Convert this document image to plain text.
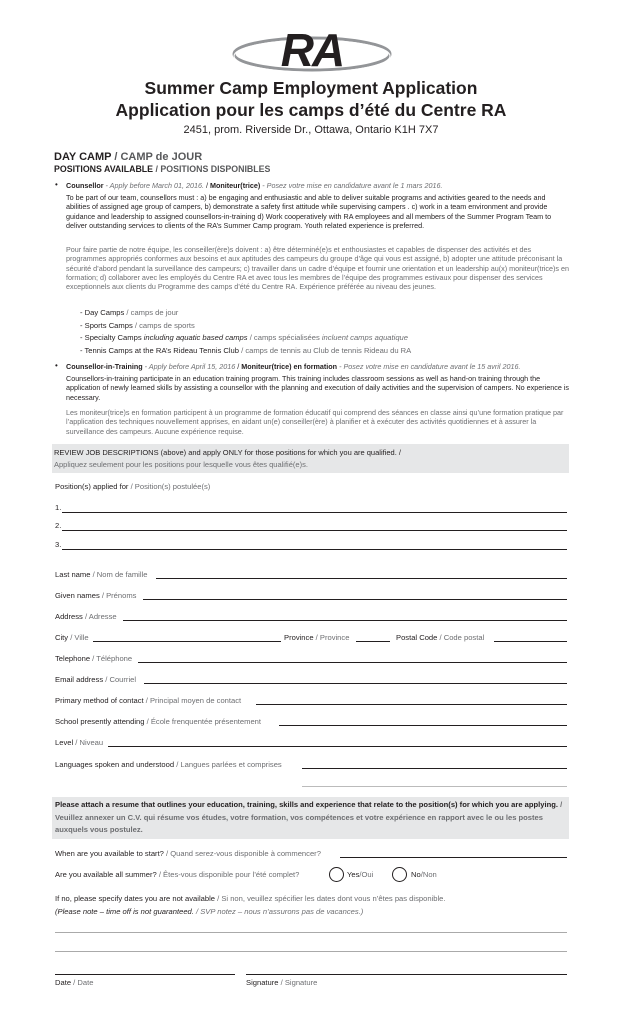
RA
Summer Camp Employment Application
Application pour les camps d’été du Centre RA
2451, prom. Riverside Dr., Ottawa, Ontario K1H 7X7
DAY CAMP / CAMP de JOUR
POSITIONS AVAILABLE / POSITIONS DISPONIBLES
• Counsellor - Apply before March 01, 2016. / Moniteur(trice) - Posez votre mise en candidature avant le 1 mars 2016.
To be part of our team, counsellors must : a) be engaging and enthusiastic and able to deliver suitable programs and activities geared to the needs and abilities of assigned age group of campers, b) demonstrate a safety first attitude while supervising campers . c) work in a team environment and provide guidance and leadership to assigned counsellors-in-training d) Work cooperatively with RA employees and all members of the Summer Program Team to deliver outstanding services to clients of the RA’s Summer Camp program. Youth related experience is preferred.
Pour faire partie de notre équipe, les conseiller(ère)s doivent : a) être déterminé(e)s et enthousiastes et capables de dispenser des activités et des programmes appropriés conformes aux besoins et aux aptitudes des campeurs du groupe d’âge qui vous est assigné, b) adopter une attitude préconisant la sécurité d’abord pendant la surveillance des campeurs; c) travailler dans un cadre d’équipe et fournir une orientation et un leadership au(x) moniteur(trice)s en formation; d) collaborer avec les employés du Centre RA et avec tous les membres de l’équipe des programmes estivaux pour dispenser des services exceptionnels aux clients du Programme des camps d’été du Centre RA. Expérience préférée au niveau des jeunes.
- Day Camps / camps de jour
- Sports Camps / camps de sports
- Specialty Camps including aquatic based camps / camps spécialisées incluent camps aquatique
- Tennis Camps at the RA’s Rideau Tennis Club / camps de tennis au Club de tennis Rideau du RA
• Counsellor-in-Training - Apply before April 15, 2016 / Moniteur(trice) en formation - Posez votre mise en candidature avant le 15 avril 2016.
Counsellors-in-training participate in an education training program. This training includes classroom sessions as well as hand-on training through the application of newly learned skills by assisting a counsellor with the planning and execution of daily activities and the supervision of campers. No experience is necessary.
Les moniteur(trice)s en formation participent à un programme de formation éducatif qui comprend des séances en classe ainsi qu’une formation pratique par l’application des techniques nouvellement apprises, en aidant un(e) conseiller(ère) à planifier et à exécuter des activités quotidiennes et à assurer la surveillance des campeurs. Aucune expérience requise.
REVIEW JOB DESCRIPTIONS (above) and apply ONLY for those positions for which you are qualified. /
Appliquez seulement pour les positions pour lesquelle vous êtes qualifié(e)s.
Position(s) applied for / Position(s) postulée(s)
1.
2.
3.
Last name / Nom de famille
Given names / Prénoms
Address / Adresse
City / Ville	Province / Province	Postal Code / Code postal
Telephone / Téléphone
Email address / Courriel
Primary method of contact / Principal moyen de contact
School presently attending / École frenquentée présentement
Level / Niveau
Languages spoken and understood / Langues parlées et comprises
Please attach a resume that outlines your education, training, skills and experience that relate to the position(s) for which you are applying. / Veuillez annexer un C.V. qui résume vos études, votre formation, vos compétences et votre expérience en rapport avec le ou les postes auxquels vous postulez.
When are you available to start? / Quand serez-vous disponible à commencer?
Are you available all summer? / Êtes-vous disponible pour l’été complet?	Yes/Oui	No/Non
If no, please specify dates you are not available / Si non, veuillez spécifier les dates dont vous n’êtes pas disponible.
(Please note – time off is not guaranteed. / SVP notez – nous n’assurons pas de vacances.)
Date / Date	Signature / Signature
